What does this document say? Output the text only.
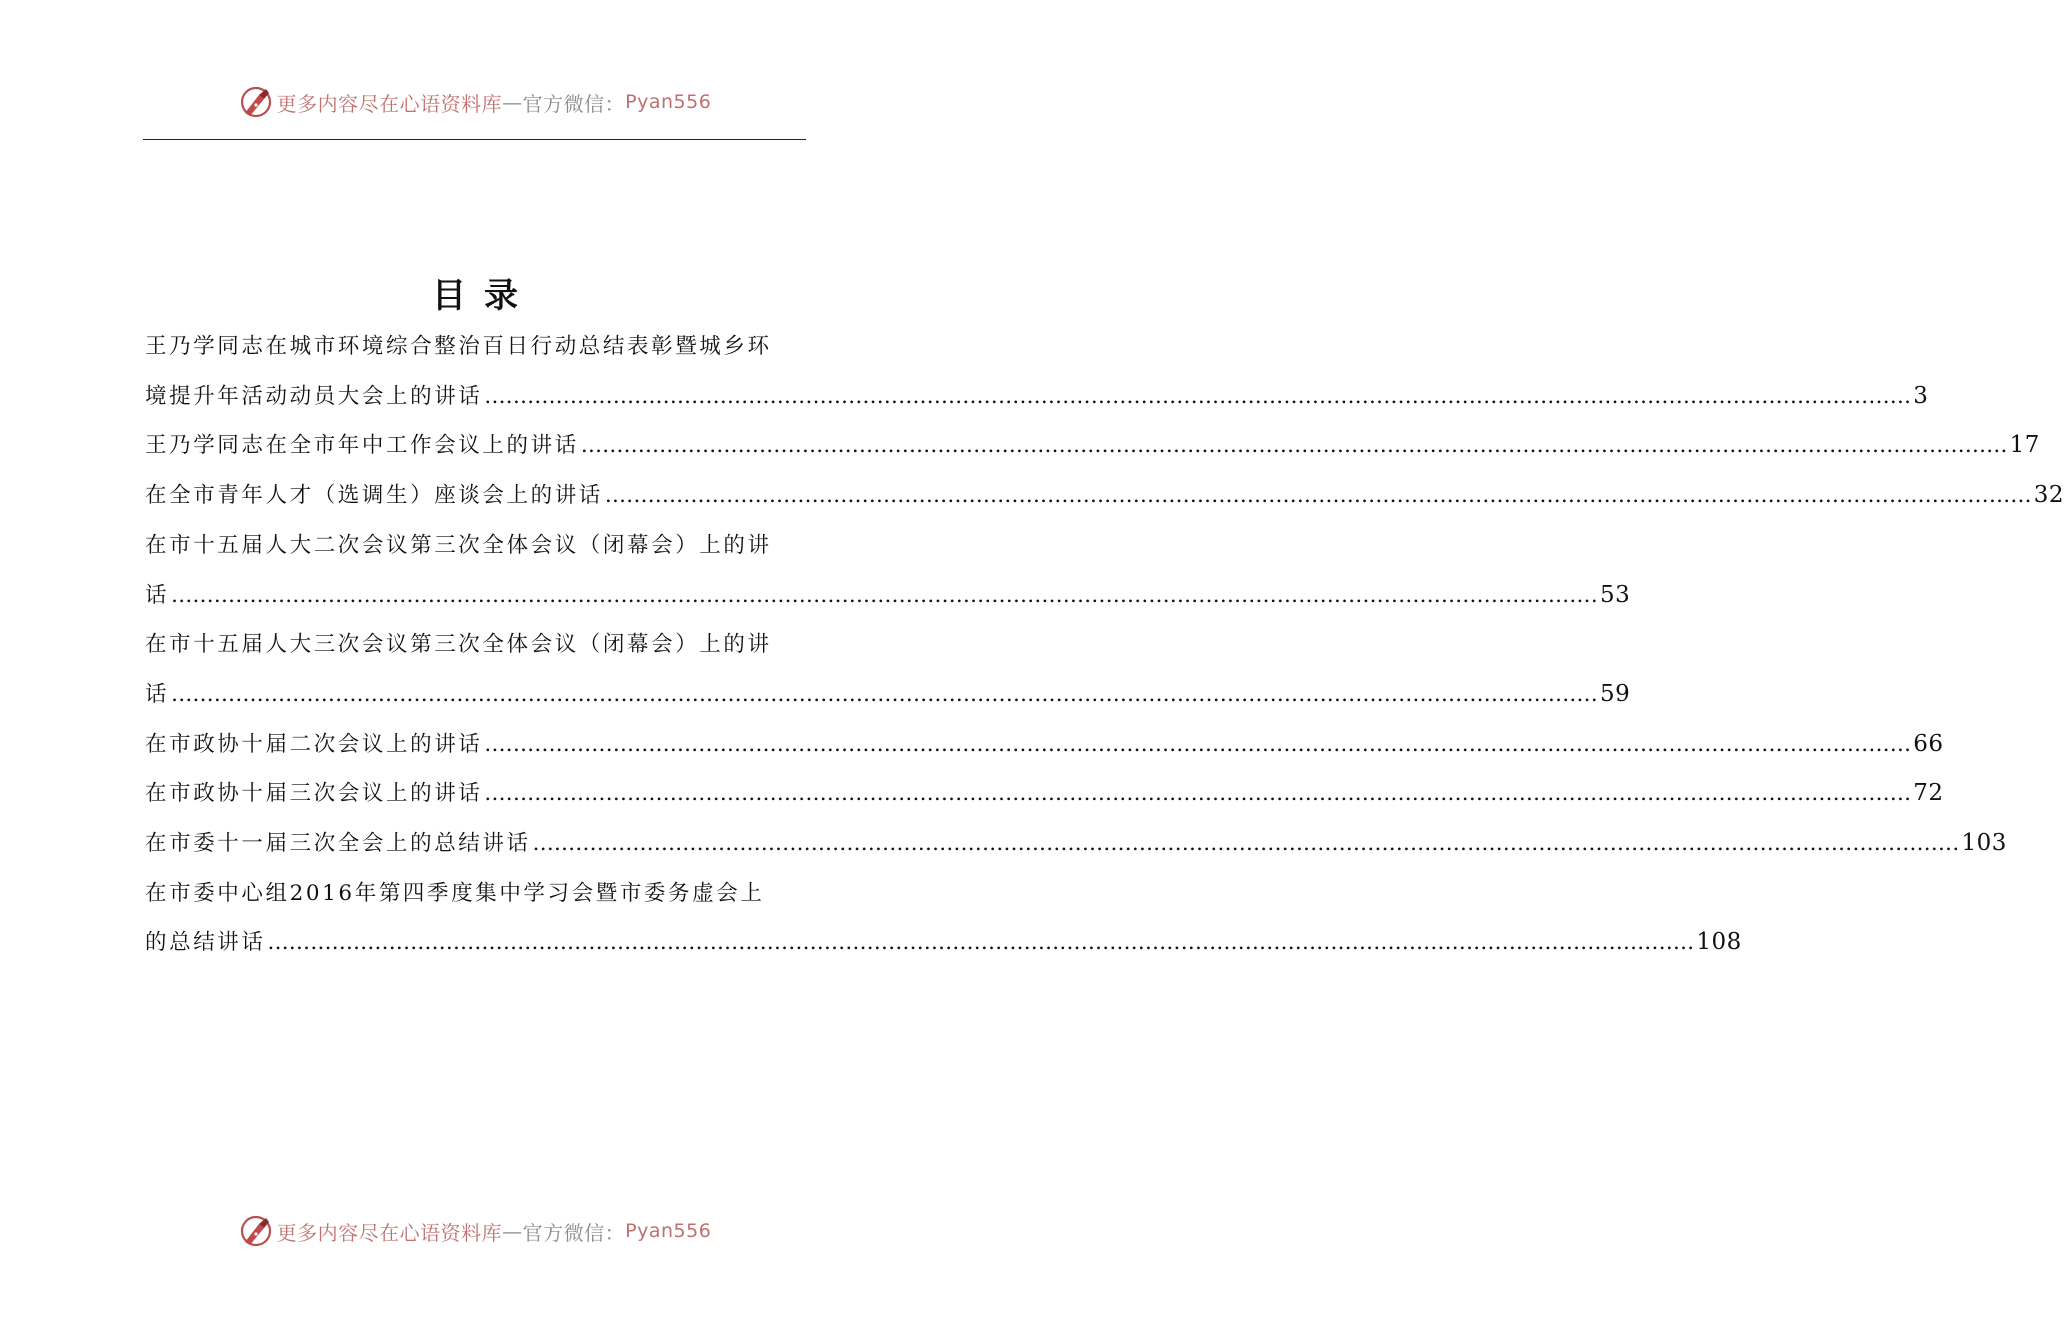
更多内容尽在心语资料库 — 官方微信： Pyan556
目录
王乃学同志在城市环境综合整治百日行动总结表彰暨城乡环
境提升年活动动员大会上的讲话 ........................................................................................................................................................................................................ 3
王乃学同志在全市年中工作会议上的讲话 ........................................................................................................................................................................................................ 17
在全市青年人才（选调生）座谈会上的讲话 ........................................................................................................................................................................................................ 32
在市十五届人大二次会议第三次全体会议（闭幕会）上的讲
话 ........................................................................................................................................................................................................ 53
在市十五届人大三次会议第三次全体会议（闭幕会）上的讲
话 ........................................................................................................................................................................................................ 59
在市政协十届二次会议上的讲话 ........................................................................................................................................................................................................ 66
在市政协十届三次会议上的讲话 ........................................................................................................................................................................................................ 72
在市委十一届三次全会上的总结讲话 ........................................................................................................................................................................................................ 103
在市委中心组2016年第四季度集中学习会暨市委务虚会上
的总结讲话 ........................................................................................................................................................................................................ 108
更多内容尽在心语资料库 — 官方微信： Pyan556
